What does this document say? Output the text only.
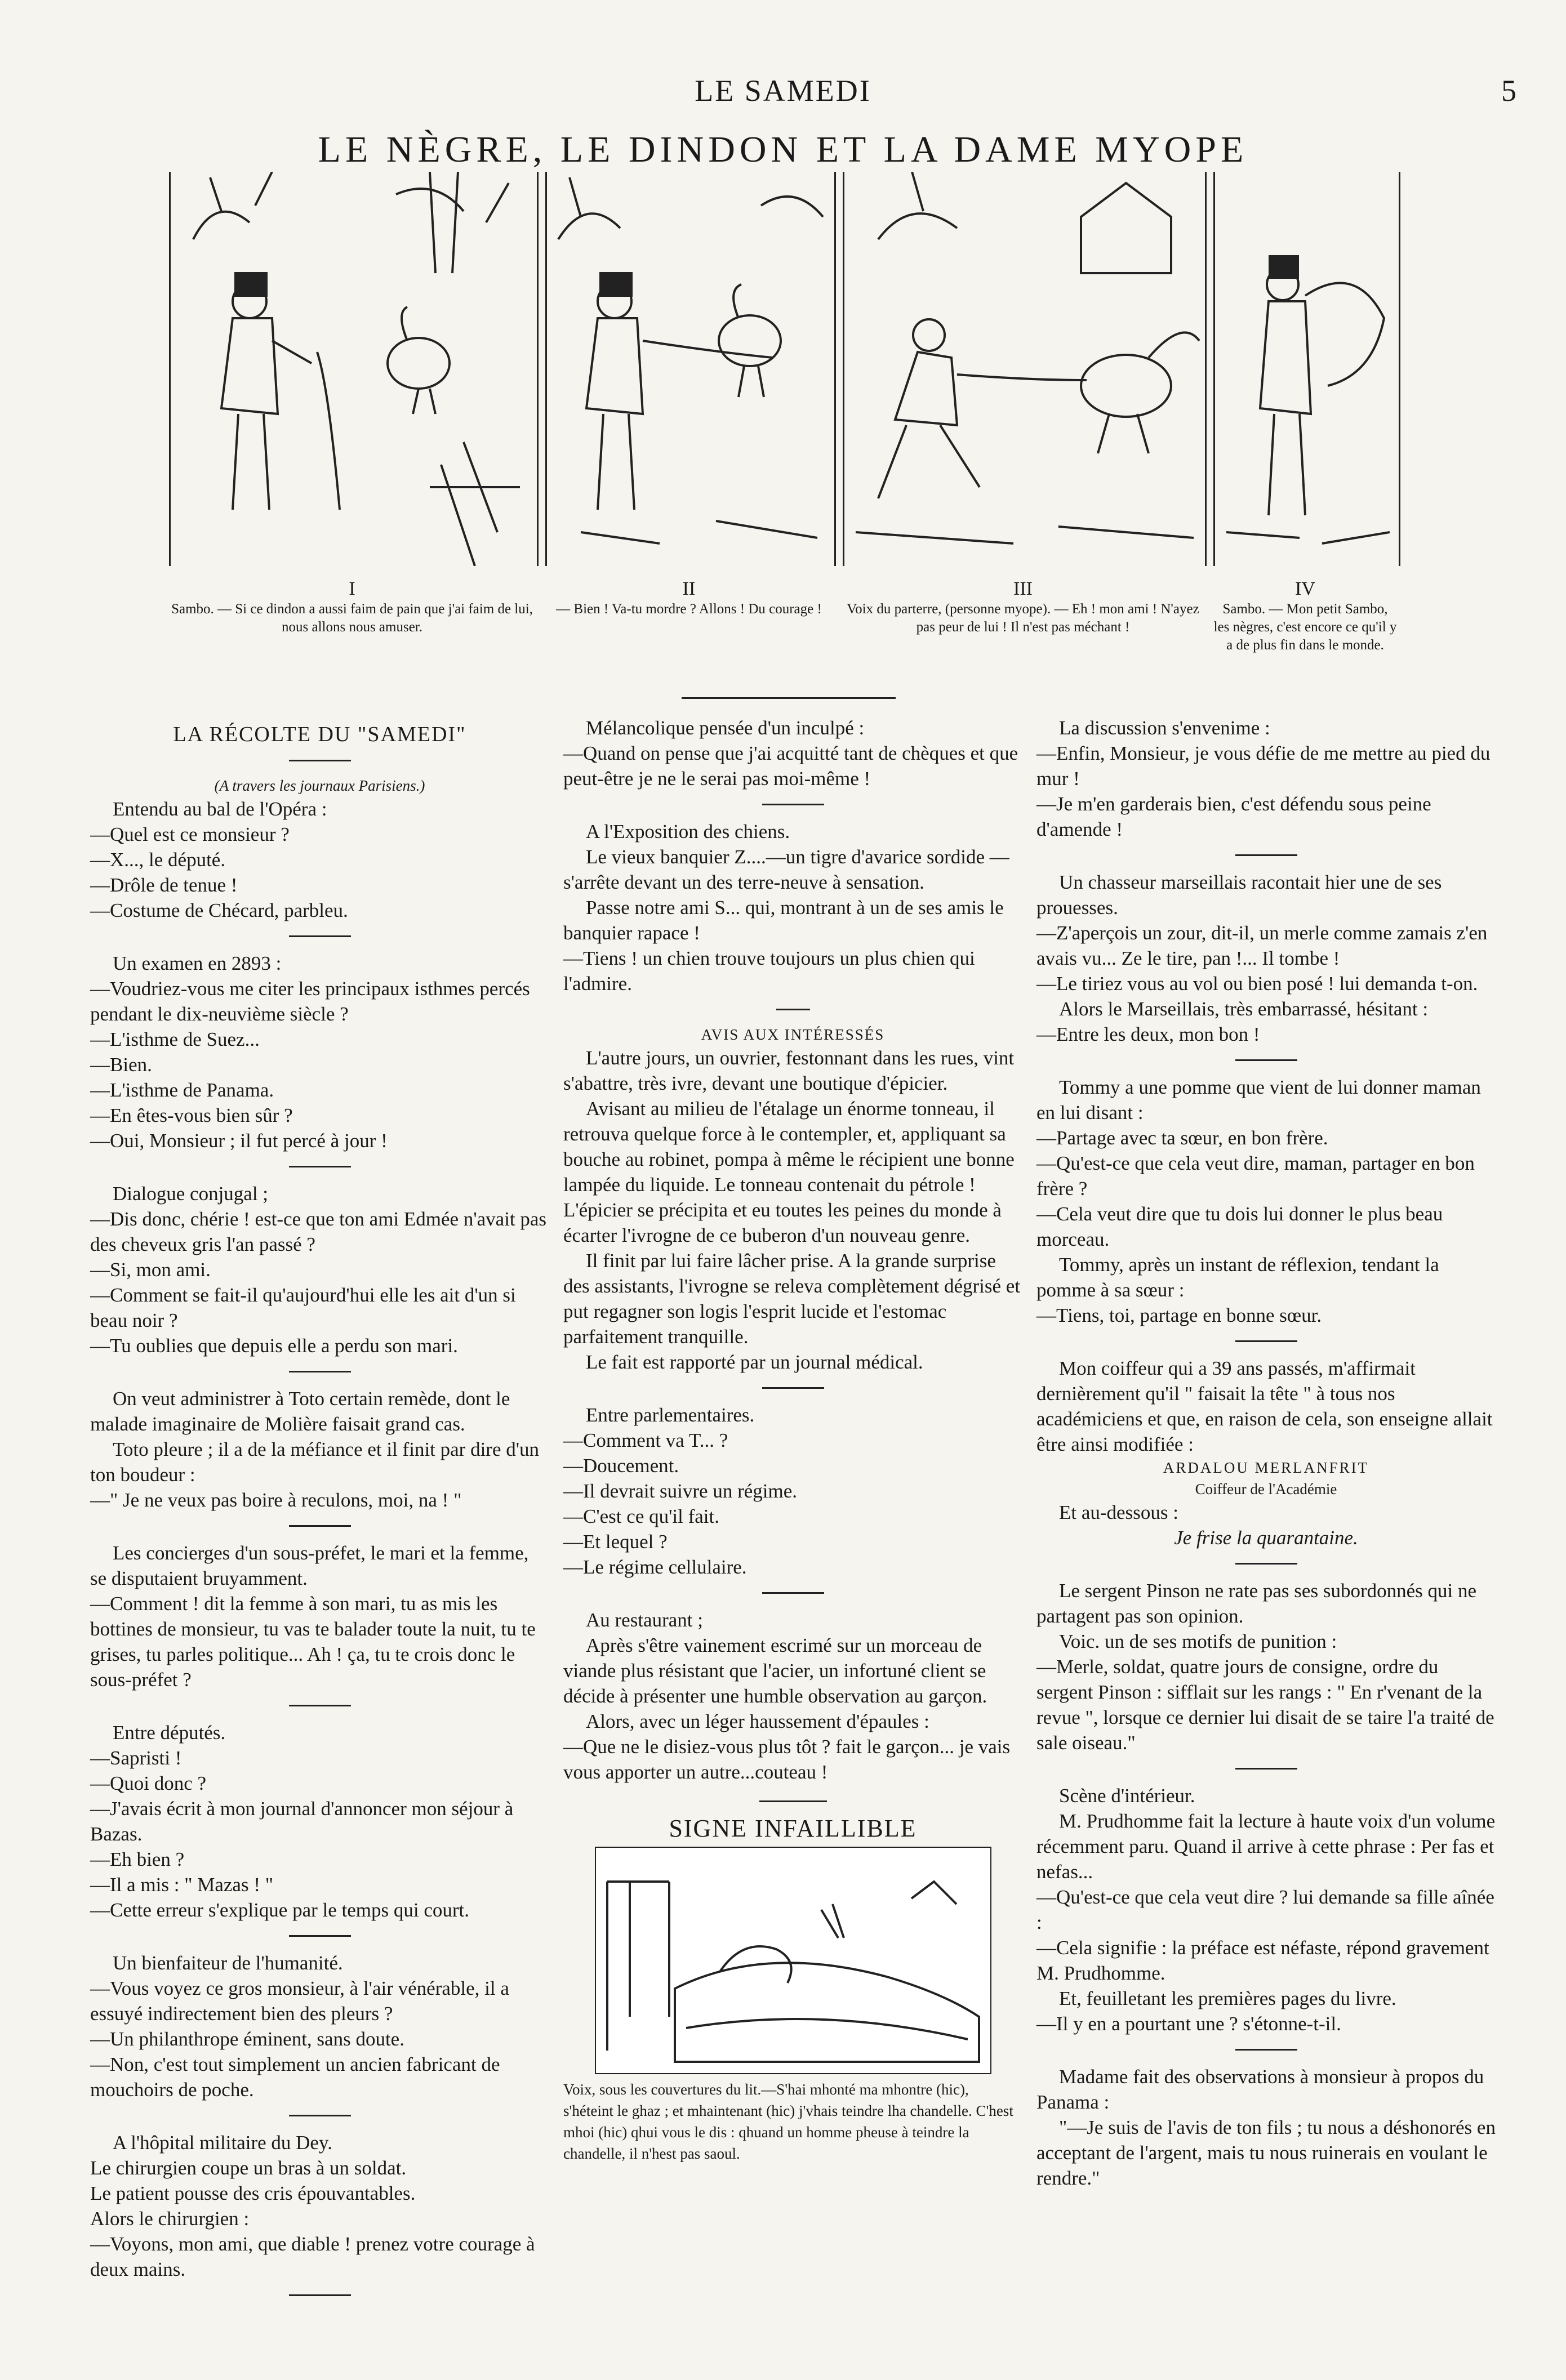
LE SAMEDI	5
LE NÈGRE, LE DINDON ET LA DAME MYOPE
I
Sambo. — Si ce dindon a aussi faim de pain que j'ai faim de lui, nous allons nous amuser.
II
— Bien ! Va-tu mordre ? Allons ! Du courage !
III
Voix du parterre, (personne myope). — Eh ! mon ami ! N'ayez pas peur de lui ! Il n'est pas méchant !
IV
Sambo. — Mon petit Sambo, les nègres, c'est encore ce qu'il y a de plus fin dans le monde.

LA RÉCOLTE DU "SAMEDI"

(A travers les journaux Parisiens.)

Entendu au bal de l'Opéra :

—Quel est ce monsieur ?

—X..., le député.

—Drôle de tenue !

—Costume de Chécard, parbleu.

Un examen en 2893 :

—Voudriez-vous me citer les principaux isthmes percés pendant le dix-neuvième siècle ?

—L'isthme de Suez...

—Bien.

—L'isthme de Panama.

—En êtes-vous bien sûr ?

—Oui, Monsieur ; il fut percé à jour !

Dialogue conjugal ;

—Dis donc, chérie ! est-ce que ton ami Edmée n'avait pas des cheveux gris l'an passé ?

—Si, mon ami.

—Comment se fait-il qu'aujourd'hui elle les ait d'un si beau noir ?

—Tu oublies que depuis elle a perdu son mari.

On veut administrer à Toto certain remède, dont le malade imaginaire de Molière faisait grand cas.

Toto pleure ; il a de la méfiance et il finit par dire d'un ton boudeur :

—" Je ne veux pas boire à reculons, moi, na ! "

Les concierges d'un sous-préfet, le mari et la femme, se disputaient bruyamment.

—Comment ! dit la femme à son mari, tu as mis les bottines de monsieur, tu vas te balader toute la nuit, tu te grises, tu parles politique... Ah ! ça, tu te crois donc le sous-préfet ?

Entre députés.

—Sapristi !

—Quoi donc ?

—J'avais écrit à mon journal d'annoncer mon séjour à Bazas.

—Eh bien ?

—Il a mis : " Mazas ! "

—Cette erreur s'explique par le temps qui court.

Un bienfaiteur de l'humanité.

—Vous voyez ce gros monsieur, à l'air vénérable, il a essuyé indirectement bien des pleurs ?

—Un philanthrope éminent, sans doute.

—Non, c'est tout simplement un ancien fabricant de mouchoirs de poche.

A l'hôpital militaire du Dey.

Le chirurgien coupe un bras à un soldat.

Le patient pousse des cris épouvantables.

Alors le chirurgien :

—Voyons, mon ami, que diable ! prenez votre courage à deux mains.

Mélancolique pensée d'un inculpé :

—Quand on pense que j'ai acquitté tant de chèques et que peut-être je ne le serai pas moi-même !

A l'Exposition des chiens.

Le vieux banquier Z....—un tigre d'avarice sordide — s'arrête devant un des terre-neuve à sensation.

Passe notre ami S... qui, montrant à un de ses amis le banquier rapace !

—Tiens ! un chien trouve toujours un plus chien qui l'admire.

AVIS AUX INTÉRESSÉS

L'autre jours, un ouvrier, festonnant dans les rues, vint s'abattre, très ivre, devant une boutique d'épicier.

Avisant au milieu de l'étalage un énorme tonneau, il retrouva quelque force à le contempler, et, appliquant sa bouche au robinet, pompa à même le récipient une bonne lampée du liquide. Le tonneau contenait du pétrole ! L'épicier se précipita et eu toutes les peines du monde à écarter l'ivrogne de ce buberon d'un nouveau genre.

Il finit par lui faire lâcher prise. A la grande surprise des assistants, l'ivrogne se releva complètement dégrisé et put regagner son logis l'esprit lucide et l'estomac parfaitement tranquille.

Le fait est rapporté par un journal médical.

Entre parlementaires.

—Comment va T... ?

—Doucement.

—Il devrait suivre un régime.

—C'est ce qu'il fait.

—Et lequel ?

—Le régime cellulaire.

Au restaurant ;

Après s'être vainement escrimé sur un morceau de viande plus résistant que l'acier, un infortuné client se décide à présenter une humble observation au garçon.

Alors, avec un léger haussement d'épaules :

—Que ne le disiez-vous plus tôt ? fait le garçon... je vais vous apporter un autre...couteau !

SIGNE INFAILLIBLE

Voix, sous les couvertures du lit.—S'hai mhonté ma mhontre (hic), s'héteint le ghaz ; et mhaintenant (hic) j'vhais teindre lha chandelle. C'hest mhoi (hic) qhui vous le dis : qhuand un homme pheuse à teindre la chandelle, il n'hest pas saoul.

La discussion s'envenime :

—Enfin, Monsieur, je vous défie de me mettre au pied du mur !

—Je m'en garderais bien, c'est défendu sous peine d'amende !

Un chasseur marseillais racontait hier une de ses prouesses.

—Z'aperçois un zour, dit-il, un merle comme zamais z'en avais vu... Ze le tire, pan !... Il tombe !

—Le tiriez vous au vol ou bien posé ! lui demanda t-on.

Alors le Marseillais, très embarrassé, hésitant :

—Entre les deux, mon bon !

Tommy a une pomme que vient de lui donner maman en lui disant :

—Partage avec ta sœur, en bon frère.

—Qu'est-ce que cela veut dire, maman, partager en bon frère ?

—Cela veut dire que tu dois lui donner le plus beau morceau.

Tommy, après un instant de réflexion, tendant la pomme à sa sœur :

—Tiens, toi, partage en bonne sœur.

Mon coiffeur qui a 39 ans passés, m'affirmait dernièrement qu'il " faisait la tête " à tous nos académiciens et que, en raison de cela, son enseigne allait être ainsi modifiée :

ARDALOU MERLANFRIT

Coiffeur de l'Académie

Et au-dessous :

Je frise la quarantaine.

Le sergent Pinson ne rate pas ses subordonnés qui ne partagent pas son opinion.

Voic. un de ses motifs de punition :

—Merle, soldat, quatre jours de consigne, ordre du sergent Pinson : sifflait sur les rangs : " En r'venant de la revue ", lorsque ce dernier lui disait de se taire l'a traité de sale oiseau."

Scène d'intérieur.

M. Prudhomme fait la lecture à haute voix d'un volume récemment paru. Quand il arrive à cette phrase : Per fas et nefas...

—Qu'est-ce que cela veut dire ? lui demande sa fille aînée :

—Cela signifie : la préface est néfaste, répond gravement M. Prudhomme.

Et, feuilletant les premières pages du livre.

—Il y en a pourtant une ? s'étonne-t-il.

Madame fait des observations à monsieur à propos du Panama :

"—Je suis de l'avis de ton fils ; tu nous a déshonorés en acceptant de l'argent, mais tu nous ruinerais en voulant le rendre."
